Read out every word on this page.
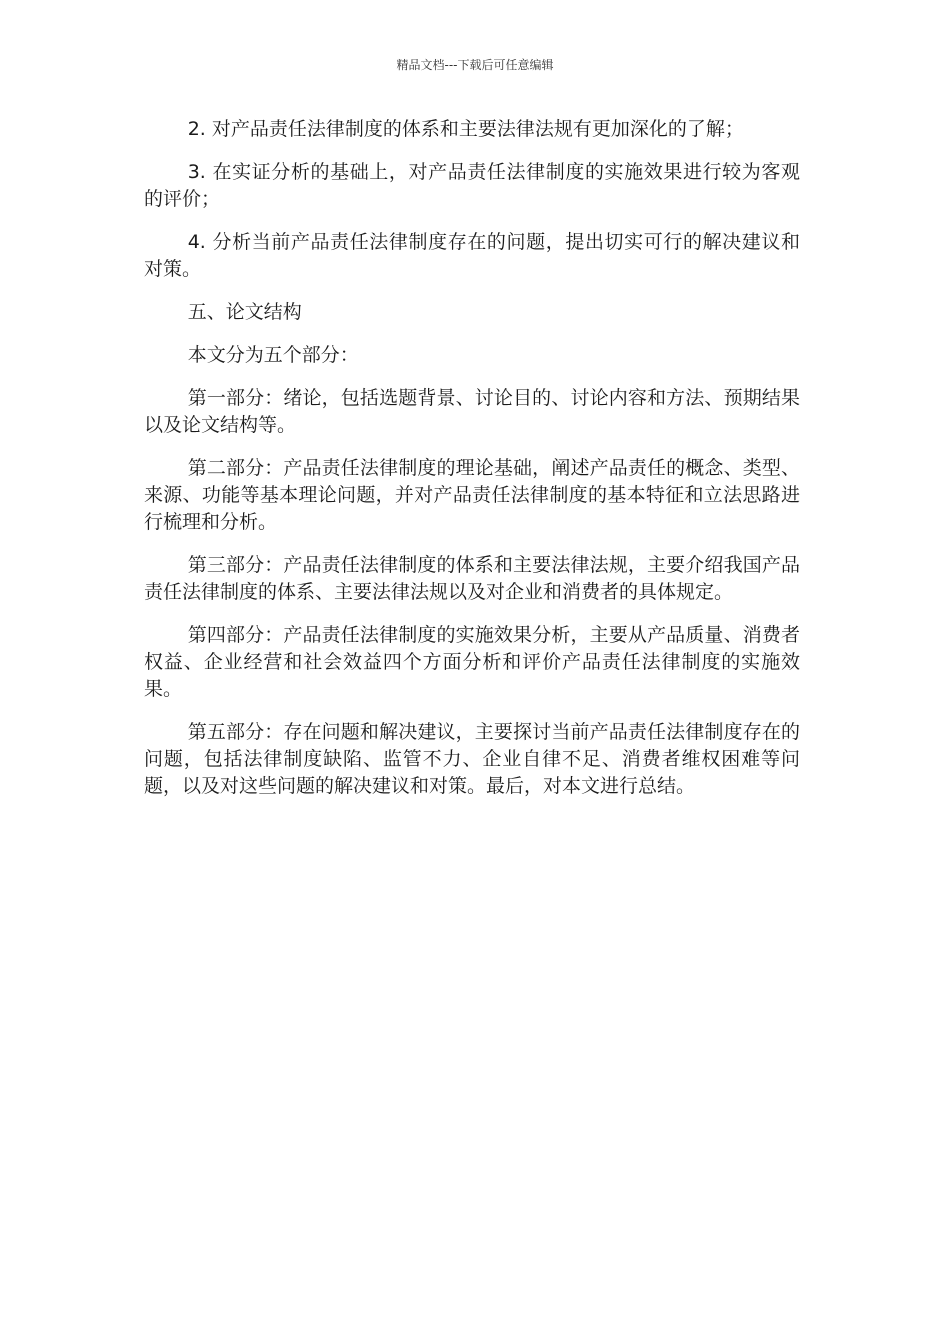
精品文档---下载后可任意编辑

2. 对产品责任法律制度的体系和主要法律法规有更加深化的了解；

3. 在实证分析的基础上，对产品责任法律制度的实施效果进行较为客观的评价；

4. 分析当前产品责任法律制度存在的问题，提出切实可行的解决建议和对策。

五、论文结构

本文分为五个部分：

第一部分：绪论，包括选题背景、讨论目的、讨论内容和方法、预期结果以及论文结构等。

第二部分：产品责任法律制度的理论基础，阐述产品责任的概念、类型、来源、功能等基本理论问题，并对产品责任法律制度的基本特征和立法思路进行梳理和分析。

第三部分：产品责任法律制度的体系和主要法律法规，主要介绍我国产品责任法律制度的体系、主要法律法规以及对企业和消费者的具体规定。

第四部分：产品责任法律制度的实施效果分析，主要从产品质量、消费者权益、企业经营和社会效益四个方面分析和评价产品责任法律制度的实施效果。

第五部分：存在问题和解决建议，主要探讨当前产品责任法律制度存在的问题，包括法律制度缺陷、监管不力、企业自律不足、消费者维权困难等问题，以及对这些问题的解决建议和对策。最后，对本文进行总结。
